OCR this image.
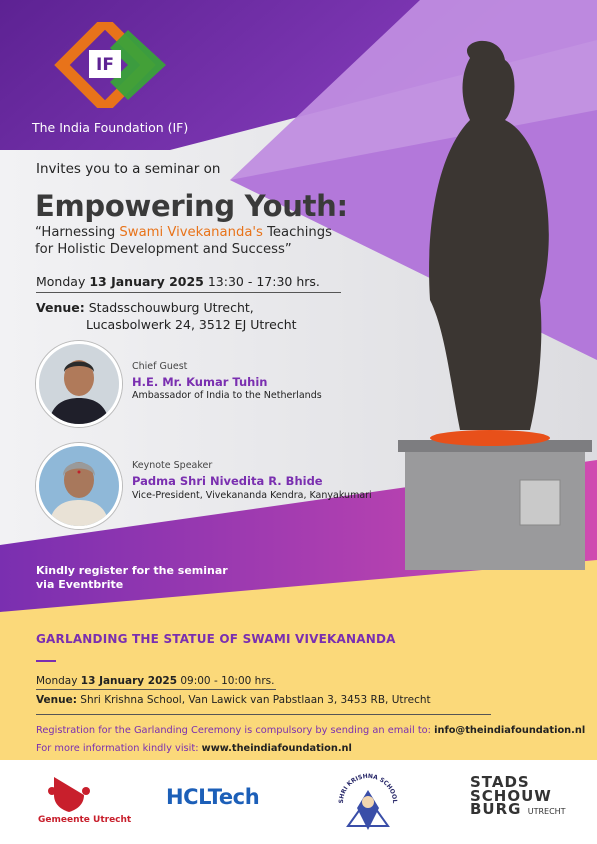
IF
The India Foundation (IF)
Invites you to a seminar on
Empowering Youth:
“Harnessing Swami Vivekananda's Teachings
for Holistic Development and Success”
Monday 13 January 2025 13:30 - 17:30 hrs.
Venue: Stadsschouwburg Utrecht,
Lucasbolwerk 24, 3512 EJ Utrecht
Chief Guest
H.E. Mr. Kumar Tuhin
Ambassador of India to the Netherlands
Keynote Speaker
Padma Shri Nivedita R. Bhide
Vice-President, Vivekananda Kendra, Kanyakumari
Kindly register for the seminar
via Eventbrite
GARLANDING THE STATUE OF SWAMI VIVEKANANDA
Monday 13 January 2025 09:00 - 10:00 hrs.
Venue: Shri Krishna School, Van Lawick van Pabstlaan 3, 3453 RB, Utrecht
Registration for the Garlanding Ceremony is compulsory by sending an email to: info@theindiafoundation.nl
For more information kindly visit: www.theindiafoundation.nl
Gemeente Utrecht
HCLTech	SHRI KRISHNA SCHOOL
STADS
SCHOUW
BURG UTRECHT
